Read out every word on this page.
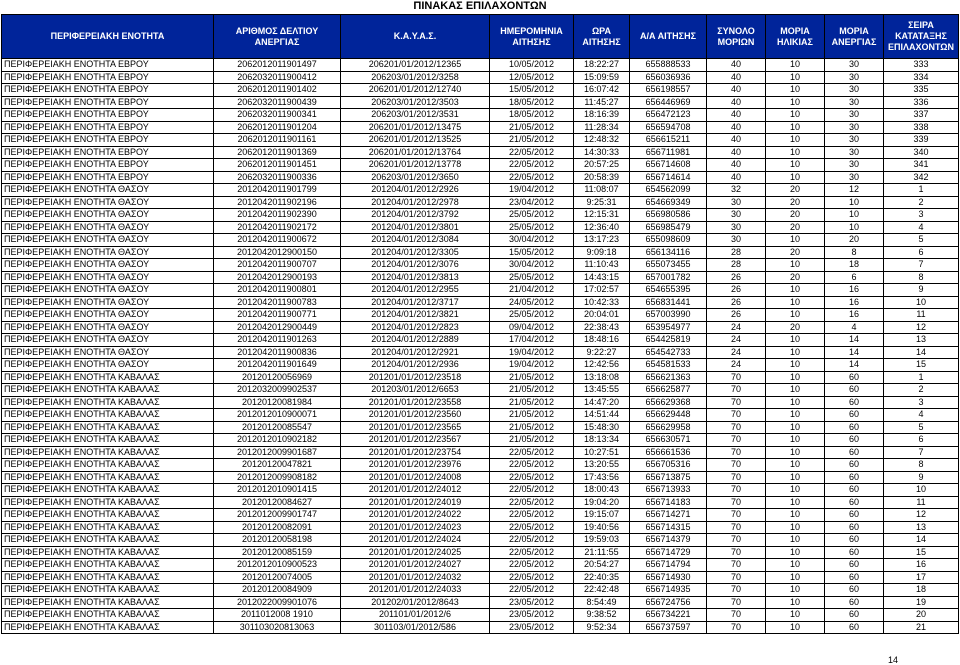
ΠΙΝΑΚΑΣ ΕΠΙΛΑΧΟΝΤΩΝ
ΠΕΡΙΦΕΡΕΙΑΚΗ ΕΝΟΤΗΤΑ	ΑΡΙΘΜΟΣ ΔΕΛΤΙΟΥ ΑΝΕΡΓΙΑΣ	Κ.Α.Υ.Α.Σ.	ΗΜΕΡΟΜΗΝΙΑ ΑΙΤΗΣΗΣ	ΩΡΑ ΑΙΤΗΣΗΣ	Α/Α ΑΙΤΗΣΗΣ	ΣΥΝΟΛΟ ΜΟΡΙΩΝ	ΜΟΡΙΑ ΗΛΙΚΙΑΣ	ΜΟΡΙΑ ΑΝΕΡΓΙΑΣ	ΣΕΙΡΑ ΚΑΤΑΤΑΞΗΣ ΕΠΙΛΑΧΟΝΤΩΝ
ΠΕΡΙΦΕΡΕΙΑΚΗ ΕΝΟΤΗΤΑ ΕΒΡΟΥ	2062012011901497	206201/01/2012/12365	10/05/2012	18:22:27	655888533	40	10	30	333
ΠΕΡΙΦΕΡΕΙΑΚΗ ΕΝΟΤΗΤΑ ΕΒΡΟΥ	2062032011900412	206203/01/2012/3258	12/05/2012	15:09:59	656036936	40	10	30	334
ΠΕΡΙΦΕΡΕΙΑΚΗ ΕΝΟΤΗΤΑ ΕΒΡΟΥ	2062012011901402	206201/01/2012/12740	15/05/2012	16:07:42	656198557	40	10	30	335
ΠΕΡΙΦΕΡΕΙΑΚΗ ΕΝΟΤΗΤΑ ΕΒΡΟΥ	2062032011900439	206203/01/2012/3503	18/05/2012	11:45:27	656446969	40	10	30	336
ΠΕΡΙΦΕΡΕΙΑΚΗ ΕΝΟΤΗΤΑ ΕΒΡΟΥ	2062032011900341	206203/01/2012/3531	18/05/2012	18:16:39	656472123	40	10	30	337
ΠΕΡΙΦΕΡΕΙΑΚΗ ΕΝΟΤΗΤΑ ΕΒΡΟΥ	2062012011901204	206201/01/2012/13475	21/05/2012	11:28:34	656594708	40	10	30	338
ΠΕΡΙΦΕΡΕΙΑΚΗ ΕΝΟΤΗΤΑ ΕΒΡΟΥ	2062012011901161	206201/01/2012/13525	21/05/2012	12:48:32	656615211	40	10	30	339
ΠΕΡΙΦΕΡΕΙΑΚΗ ΕΝΟΤΗΤΑ ΕΒΡΟΥ	2062012011901369	206201/01/2012/13764	22/05/2012	14:30:33	656711981	40	10	30	340
ΠΕΡΙΦΕΡΕΙΑΚΗ ΕΝΟΤΗΤΑ ΕΒΡΟΥ	2062012011901451	206201/01/2012/13778	22/05/2012	20:57:25	656714608	40	10	30	341
ΠΕΡΙΦΕΡΕΙΑΚΗ ΕΝΟΤΗΤΑ ΕΒΡΟΥ	2062032011900336	206203/01/2012/3650	22/05/2012	20:58:39	656714614	40	10	30	342
ΠΕΡΙΦΕΡΕΙΑΚΗ ΕΝΟΤΗΤΑ ΘΑΣΟΥ	2012042011901799	201204/01/2012/2926	19/04/2012	11:08:07	654562099	32	20	12	1
ΠΕΡΙΦΕΡΕΙΑΚΗ ΕΝΟΤΗΤΑ ΘΑΣΟΥ	2012042011902196	201204/01/2012/2978	23/04/2012	9:25:31	654669349	30	20	10	2
ΠΕΡΙΦΕΡΕΙΑΚΗ ΕΝΟΤΗΤΑ ΘΑΣΟΥ	2012042011902390	201204/01/2012/3792	25/05/2012	12:15:31	656980586	30	20	10	3
ΠΕΡΙΦΕΡΕΙΑΚΗ ΕΝΟΤΗΤΑ ΘΑΣΟΥ	2012042011902172	201204/01/2012/3801	25/05/2012	12:36:40	656985479	30	20	10	4
ΠΕΡΙΦΕΡΕΙΑΚΗ ΕΝΟΤΗΤΑ ΘΑΣΟΥ	2012042011900672	201204/01/2012/3084	30/04/2012	13:17:23	655098609	30	10	20	5
ΠΕΡΙΦΕΡΕΙΑΚΗ ΕΝΟΤΗΤΑ ΘΑΣΟΥ	2012042012900150	201204/01/2012/3305	15/05/2012	9:09:18	656134116	28	20	8	6
ΠΕΡΙΦΕΡΕΙΑΚΗ ΕΝΟΤΗΤΑ ΘΑΣΟΥ	2012042011900707	201204/01/2012/3076	30/04/2012	11:10:43	655073455	28	10	18	7
ΠΕΡΙΦΕΡΕΙΑΚΗ ΕΝΟΤΗΤΑ ΘΑΣΟΥ	2012042012900193	201204/01/2012/3813	25/05/2012	14:43:15	657001782	26	20	6	8
ΠΕΡΙΦΕΡΕΙΑΚΗ ΕΝΟΤΗΤΑ ΘΑΣΟΥ	2012042011900801	201204/01/2012/2955	21/04/2012	17:02:57	654655395	26	10	16	9
ΠΕΡΙΦΕΡΕΙΑΚΗ ΕΝΟΤΗΤΑ ΘΑΣΟΥ	2012042011900783	201204/01/2012/3717	24/05/2012	10:42:33	656831441	26	10	16	10
ΠΕΡΙΦΕΡΕΙΑΚΗ ΕΝΟΤΗΤΑ ΘΑΣΟΥ	2012042011900771	201204/01/2012/3821	25/05/2012	20:04:01	657003990	26	10	16	11
ΠΕΡΙΦΕΡΕΙΑΚΗ ΕΝΟΤΗΤΑ ΘΑΣΟΥ	2012042012900449	201204/01/2012/2823	09/04/2012	22:38:43	653954977	24	20	4	12
ΠΕΡΙΦΕΡΕΙΑΚΗ ΕΝΟΤΗΤΑ ΘΑΣΟΥ	2012042011901263	201204/01/2012/2889	17/04/2012	18:48:16	654425819	24	10	14	13
ΠΕΡΙΦΕΡΕΙΑΚΗ ΕΝΟΤΗΤΑ ΘΑΣΟΥ	2012042011900836	201204/01/2012/2921	19/04/2012	9:22:27	654542733	24	10	14	14
ΠΕΡΙΦΕΡΕΙΑΚΗ ΕΝΟΤΗΤΑ ΘΑΣΟΥ	2012042011901649	201204/01/2012/2936	19/04/2012	12:42:56	654581533	24	10	14	15
ΠΕΡΙΦΕΡΕΙΑΚΗ ΕΝΟΤΗΤΑ ΚΑΒΑΛΑΣ	20120120056969	201201/01/2012/23518	21/05/2012	13:18:08	656621363	70	10	60	1
ΠΕΡΙΦΕΡΕΙΑΚΗ ΕΝΟΤΗΤΑ ΚΑΒΑΛΑΣ	2012032009902537	201203/01/2012/6653	21/05/2012	13:45:55	656625877	70	10	60	2
ΠΕΡΙΦΕΡΕΙΑΚΗ ΕΝΟΤΗΤΑ ΚΑΒΑΛΑΣ	20120120081984	201201/01/2012/23558	21/05/2012	14:47:20	656629368	70	10	60	3
ΠΕΡΙΦΕΡΕΙΑΚΗ ΕΝΟΤΗΤΑ ΚΑΒΑΛΑΣ	2012012010900071	201201/01/2012/23560	21/05/2012	14:51:44	656629448	70	10	60	4
ΠΕΡΙΦΕΡΕΙΑΚΗ ΕΝΟΤΗΤΑ ΚΑΒΑΛΑΣ	20120120085547	201201/01/2012/23565	21/05/2012	15:48:30	656629958	70	10	60	5
ΠΕΡΙΦΕΡΕΙΑΚΗ ΕΝΟΤΗΤΑ ΚΑΒΑΛΑΣ	2012012010902182	201201/01/2012/23567	21/05/2012	18:13:34	656630571	70	10	60	6
ΠΕΡΙΦΕΡΕΙΑΚΗ ΕΝΟΤΗΤΑ ΚΑΒΑΛΑΣ	2012012009901687	201201/01/2012/23754	22/05/2012	10:27:51	656661536	70	10	60	7
ΠΕΡΙΦΕΡΕΙΑΚΗ ΕΝΟΤΗΤΑ ΚΑΒΑΛΑΣ	20120120047821	201201/01/2012/23976	22/05/2012	13:20:55	656705316	70	10	60	8
ΠΕΡΙΦΕΡΕΙΑΚΗ ΕΝΟΤΗΤΑ ΚΑΒΑΛΑΣ	2012012009908182	201201/01/2012/24008	22/05/2012	17:43:56	656713875	70	10	60	9
ΠΕΡΙΦΕΡΕΙΑΚΗ ΕΝΟΤΗΤΑ ΚΑΒΑΛΑΣ	2012012010901415	201201/01/2012/24012	22/05/2012	18:00:43	656713933	70	10	60	10
ΠΕΡΙΦΕΡΕΙΑΚΗ ΕΝΟΤΗΤΑ ΚΑΒΑΛΑΣ	20120120084627	201201/01/2012/24019	22/05/2012	19:04:20	656714183	70	10	60	11
ΠΕΡΙΦΕΡΕΙΑΚΗ ΕΝΟΤΗΤΑ ΚΑΒΑΛΑΣ	2012012009901747	201201/01/2012/24022	22/05/2012	19:15:07	656714271	70	10	60	12
ΠΕΡΙΦΕΡΕΙΑΚΗ ΕΝΟΤΗΤΑ ΚΑΒΑΛΑΣ	20120120082091	201201/01/2012/24023	22/05/2012	19:40:56	656714315	70	10	60	13
ΠΕΡΙΦΕΡΕΙΑΚΗ ΕΝΟΤΗΤΑ ΚΑΒΑΛΑΣ	20120120058198	201201/01/2012/24024	22/05/2012	19:59:03	656714379	70	10	60	14
ΠΕΡΙΦΕΡΕΙΑΚΗ ΕΝΟΤΗΤΑ ΚΑΒΑΛΑΣ	20120120085159	201201/01/2012/24025	22/05/2012	21:11:55	656714729	70	10	60	15
ΠΕΡΙΦΕΡΕΙΑΚΗ ΕΝΟΤΗΤΑ ΚΑΒΑΛΑΣ	2012012010900523	201201/01/2012/24027	22/05/2012	20:54:27	656714794	70	10	60	16
ΠΕΡΙΦΕΡΕΙΑΚΗ ΕΝΟΤΗΤΑ ΚΑΒΑΛΑΣ	20120120074005	201201/01/2012/24032	22/05/2012	22:40:35	656714930	70	10	60	17
ΠΕΡΙΦΕΡΕΙΑΚΗ ΕΝΟΤΗΤΑ ΚΑΒΑΛΑΣ	20120120084909	201201/01/2012/24033	22/05/2012	22:42:48	656714935	70	10	60	18
ΠΕΡΙΦΕΡΕΙΑΚΗ ΕΝΟΤΗΤΑ ΚΑΒΑΛΑΣ	2012022009901076	201202/01/2012/8643	23/05/2012	8:54:49	656724756	70	10	60	19
ΠΕΡΙΦΕΡΕΙΑΚΗ ΕΝΟΤΗΤΑ ΚΑΒΑΛΑΣ	2011012008 1910	201101/01/2012/6	23/05/2012	9:38:52	656734221	70	10	60	20
ΠΕΡΙΦΕΡΕΙΑΚΗ ΕΝΟΤΗΤΑ ΚΑΒΑΛΑΣ	301103020813063	301103/01/2012/586	23/05/2012	9:52:34	656737597	70	10	60	21
14
